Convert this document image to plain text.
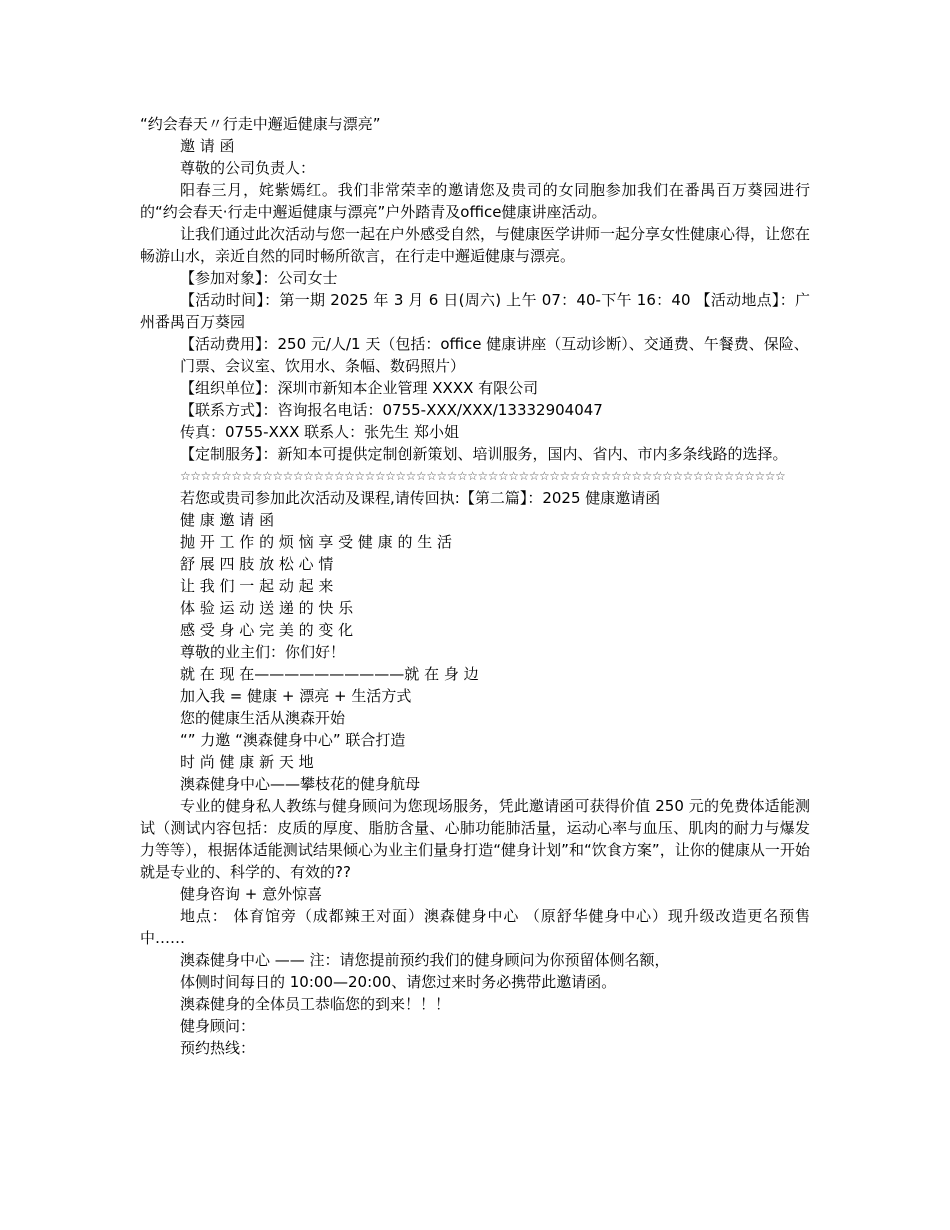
“约会春天〃行走中邂逅健康与漂亮”
邀 请 函
尊敬的公司负责人：
阳春三月，姹紫嫣红。我们非常荣幸的邀请您及贵司的女同胞参加我们在番禺百万葵园进行的“约会春天·行走中邂逅健康与漂亮”户外踏青及office健康讲座活动。
让我们通过此次活动与您一起在户外感受自然，与健康医学讲师一起分享女性健康心得，让您在畅游山水，亲近自然的同时畅所欲言，在行走中邂逅健康与漂亮。
【参加对象】：公司女士
【活动时间】：第一期 2025 年 3 月 6 日(周六) 上午 07：40-下午 16：40 【活动地点】：广州番禺百万葵园
【活动费用】：250 元/人/1 天（包括：office 健康讲座（互动诊断）、交通费、午餐费、保险、
门票、会议室、饮用水、条幅、数码照片）
【组织单位】：深圳市新知本企业管理 XXXX 有限公司
【联系方式】：咨询报名电话：0755-XXX/XXX/13332904047
传真：0755-XXX 联系人：张先生 郑小姐
【定制服务】：新知本可提供定制创新策划、培训服务，国内、省内、市内多条线路的选择。
☆☆☆☆☆☆☆☆☆☆☆☆☆☆☆☆☆☆☆☆☆☆☆☆☆☆☆☆☆☆☆☆☆☆☆☆☆☆☆☆☆☆☆☆☆☆☆☆☆☆☆☆☆☆☆☆☆☆☆
若您或贵司参加此次活动及课程,请传回执:【第二篇】：2025 健康邀请函
健 康 邀 请 函
抛 开 工 作 的 烦 恼 享 受 健 康 的 生 活
舒 展 四 肢 放 松 心 情
让 我 们 一 起 动 起 来
体 验 运 动 送 递 的 快 乐
感 受 身 心 完 美 的 变 化
尊敬的业主们：你们好！
就 在 现 在——————————就 在 身 边
加入我 = 健康 + 漂亮 + 生活方式
您的健康生活从澳森开始
“” 力邀 “澳森健身中心” 联合打造
时 尚 健 康 新 天 地
澳森健身中心——攀枝花的健身航母
专业的健身私人教练与健身顾问为您现场服务，凭此邀请函可获得价值 250 元的免费体适能测试（测试内容包括：皮质的厚度、脂肪含量、心肺功能肺活量，运动心率与血压、肌肉的耐力与爆发力等等），根据体适能测试结果倾心为业主们量身打造“健身计划”和“饮食方案”，让你的健康从一开始就是专业的、科学的、有效的??
健身咨询 + 意外惊喜
地点： 体育馆旁（成都辣王对面）澳森健身中心 （原舒华健身中心）现升级改造更名预售中……
澳森健身中心 —— 注：请您提前预约我们的健身顾问为你预留体侧名额，
体侧时间每日的 10:00—20:00、请您过来时务必携带此邀请函。
澳森健身的全体员工恭临您的到来！！！
健身顾问：
预约热线：
